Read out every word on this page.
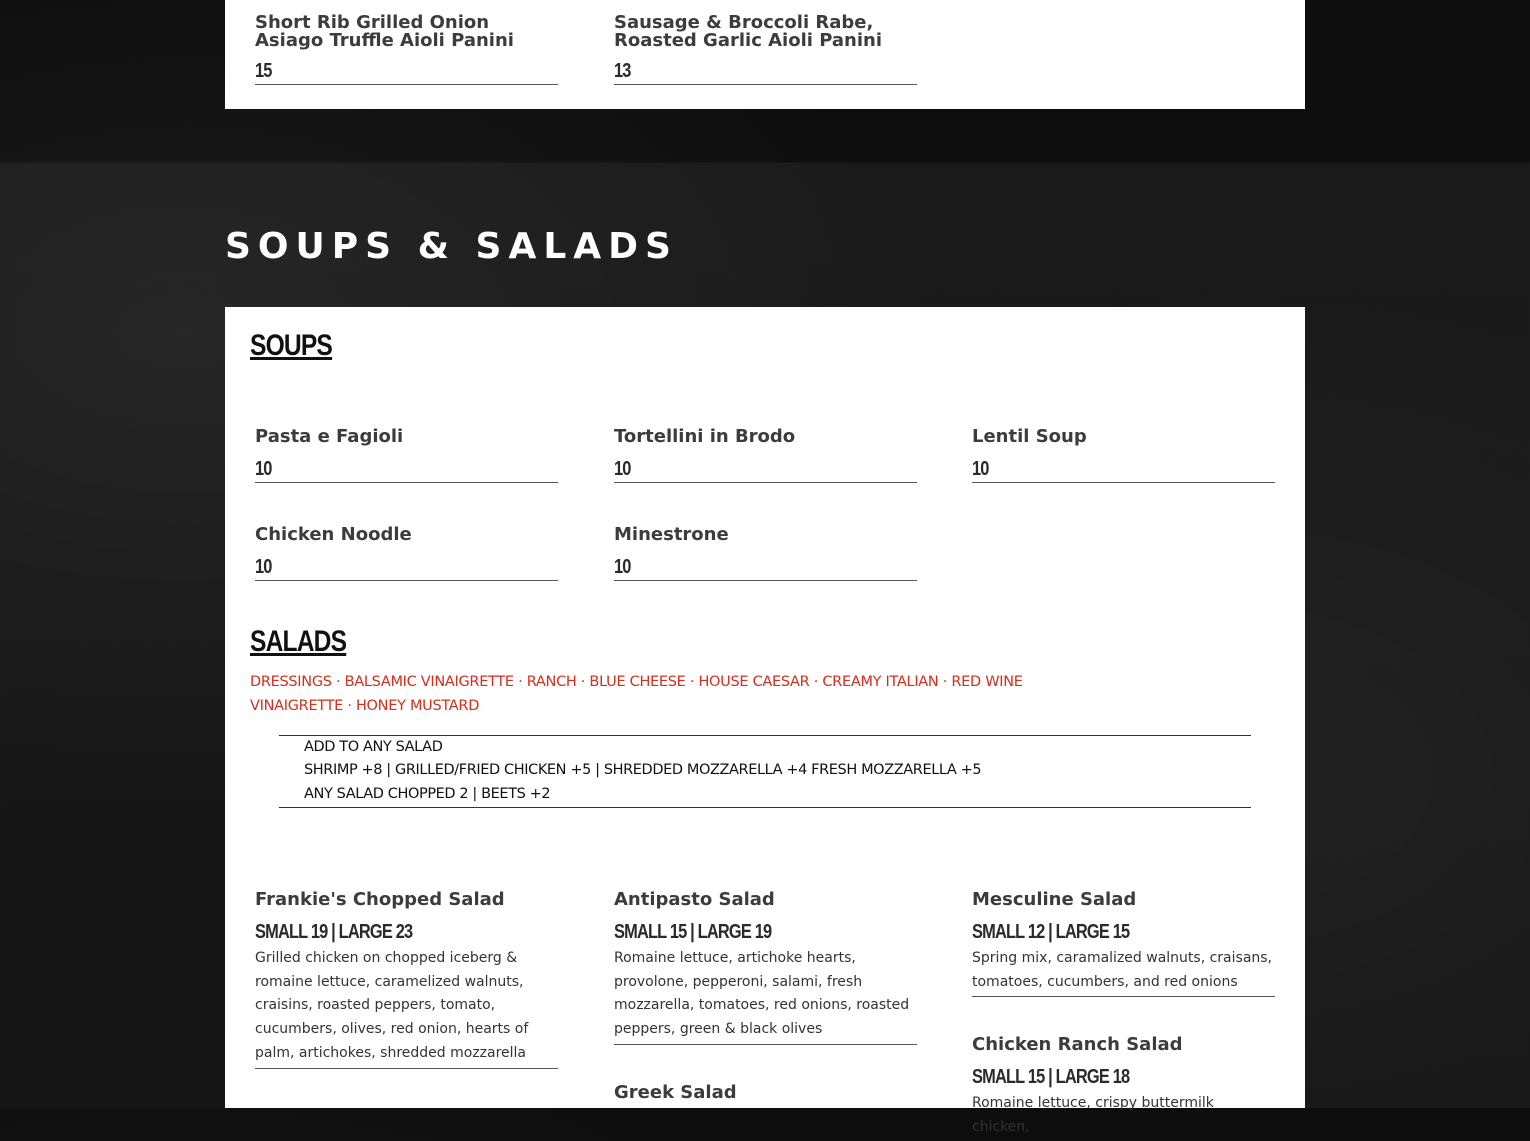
Short Rib Grilled Onion Asiago Truffle Aioli Panini
15
Sausage & Broccoli Rabe, Roasted Garlic Aioli Panini
13
SOUPS & SALADS
SOUPS
Pasta e Fagioli
10
Tortellini in Brodo
10
Lentil Soup
10
Chicken Noodle
10
Minestrone
10
SALADS
DRESSINGS · BALSAMIC VINAIGRETTE · RANCH · BLUE CHEESE · HOUSE CAESAR · CREAMY ITALIAN · RED WINE VINAIGRETTE · HONEY MUSTARD
ADD TO ANY SALAD
SHRIMP +8 | GRILLED/FRIED CHICKEN +5 | SHREDDED MOZZARELLA +4 FRESH MOZZARELLA +5
ANY SALAD CHOPPED 2 | BEETS +2
Frankie's Chopped Salad
SMALL 19 | LARGE 23
Grilled chicken on chopped iceberg & romaine lettuce, caramelized walnuts, craisins, roasted peppers, tomato, cucumbers, olives, red onion, hearts of palm, artichokes, shredded mozzarella
Antipasto Salad
SMALL 15 | LARGE 19
Romaine lettuce, artichoke hearts, provolone, pepperoni, salami, fresh mozzarella, tomatoes, red onions, roasted peppers, green & black olives
Mesculine Salad
SMALL 12 | LARGE 15
Spring mix, caramalized walnuts, craisans, tomatoes, cucumbers, and red onions
Chicken Ranch Salad
SMALL 15 | LARGE 18
Romaine lettuce, crispy buttermilk chicken,
Greek Salad
